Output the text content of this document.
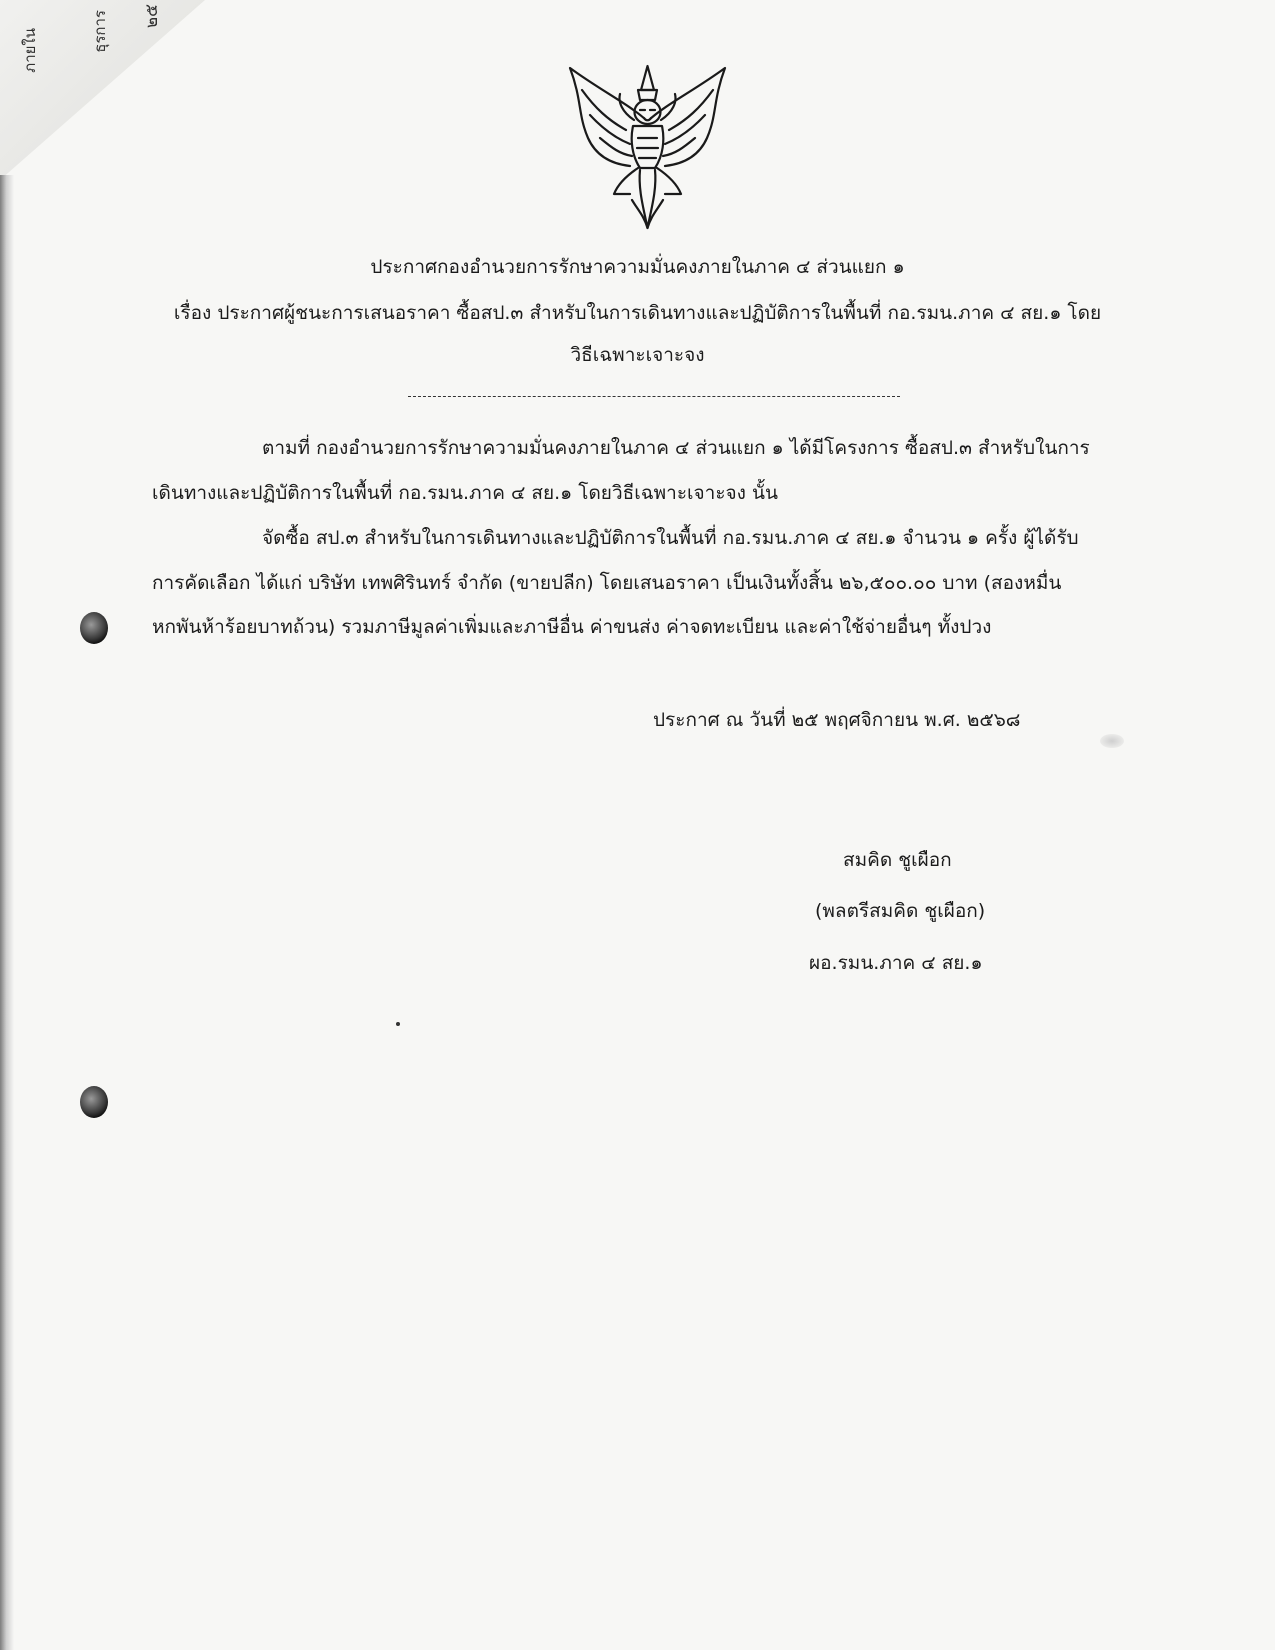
ภายใน	ธุรการ ๒๕
ประกาศกองอำนวยการรักษาความมั่นคงภายในภาค ๔ ส่วนแยก ๑
เรื่อง ประกาศผู้ชนะการเสนอราคา ซื้อสป.๓ สำหรับในการเดินทางและปฏิบัติการในพื้นที่ กอ.รมน.ภาค ๔ สย.๑ โดย
วิธีเฉพาะเจาะจง
ตามที่ กองอำนวยการรักษาความมั่นคงภายในภาค ๔ ส่วนแยก ๑ ได้มีโครงการ ซื้อสป.๓ สำหรับในการ
เดินทางและปฏิบัติการในพื้นที่ กอ.รมน.ภาค ๔ สย.๑ โดยวิธีเฉพาะเจาะจง นั้น
จัดซื้อ สป.๓ สำหรับในการเดินทางและปฏิบัติการในพื้นที่ กอ.รมน.ภาค ๔ สย.๑ จำนวน ๑ ครั้ง ผู้ได้รับ
การคัดเลือก ได้แก่ บริษัท เทพศิรินทร์ จำกัด (ขายปลีก) โดยเสนอราคา เป็นเงินทั้งสิ้น ๒๖,๕๐๐.๐๐ บาท (สองหมื่น
หกพันห้าร้อยบาทถ้วน) รวมภาษีมูลค่าเพิ่มและภาษีอื่น ค่าขนส่ง ค่าจดทะเบียน และค่าใช้จ่ายอื่นๆ ทั้งปวง
ประกาศ ณ วันที่ ๒๕ พฤศจิกายน พ.ศ. ๒๕๖๘
สมคิด ชูเผือก
(พลตรีสมคิด ชูเผือก)
ผอ.รมน.ภาค ๔ สย.๑
